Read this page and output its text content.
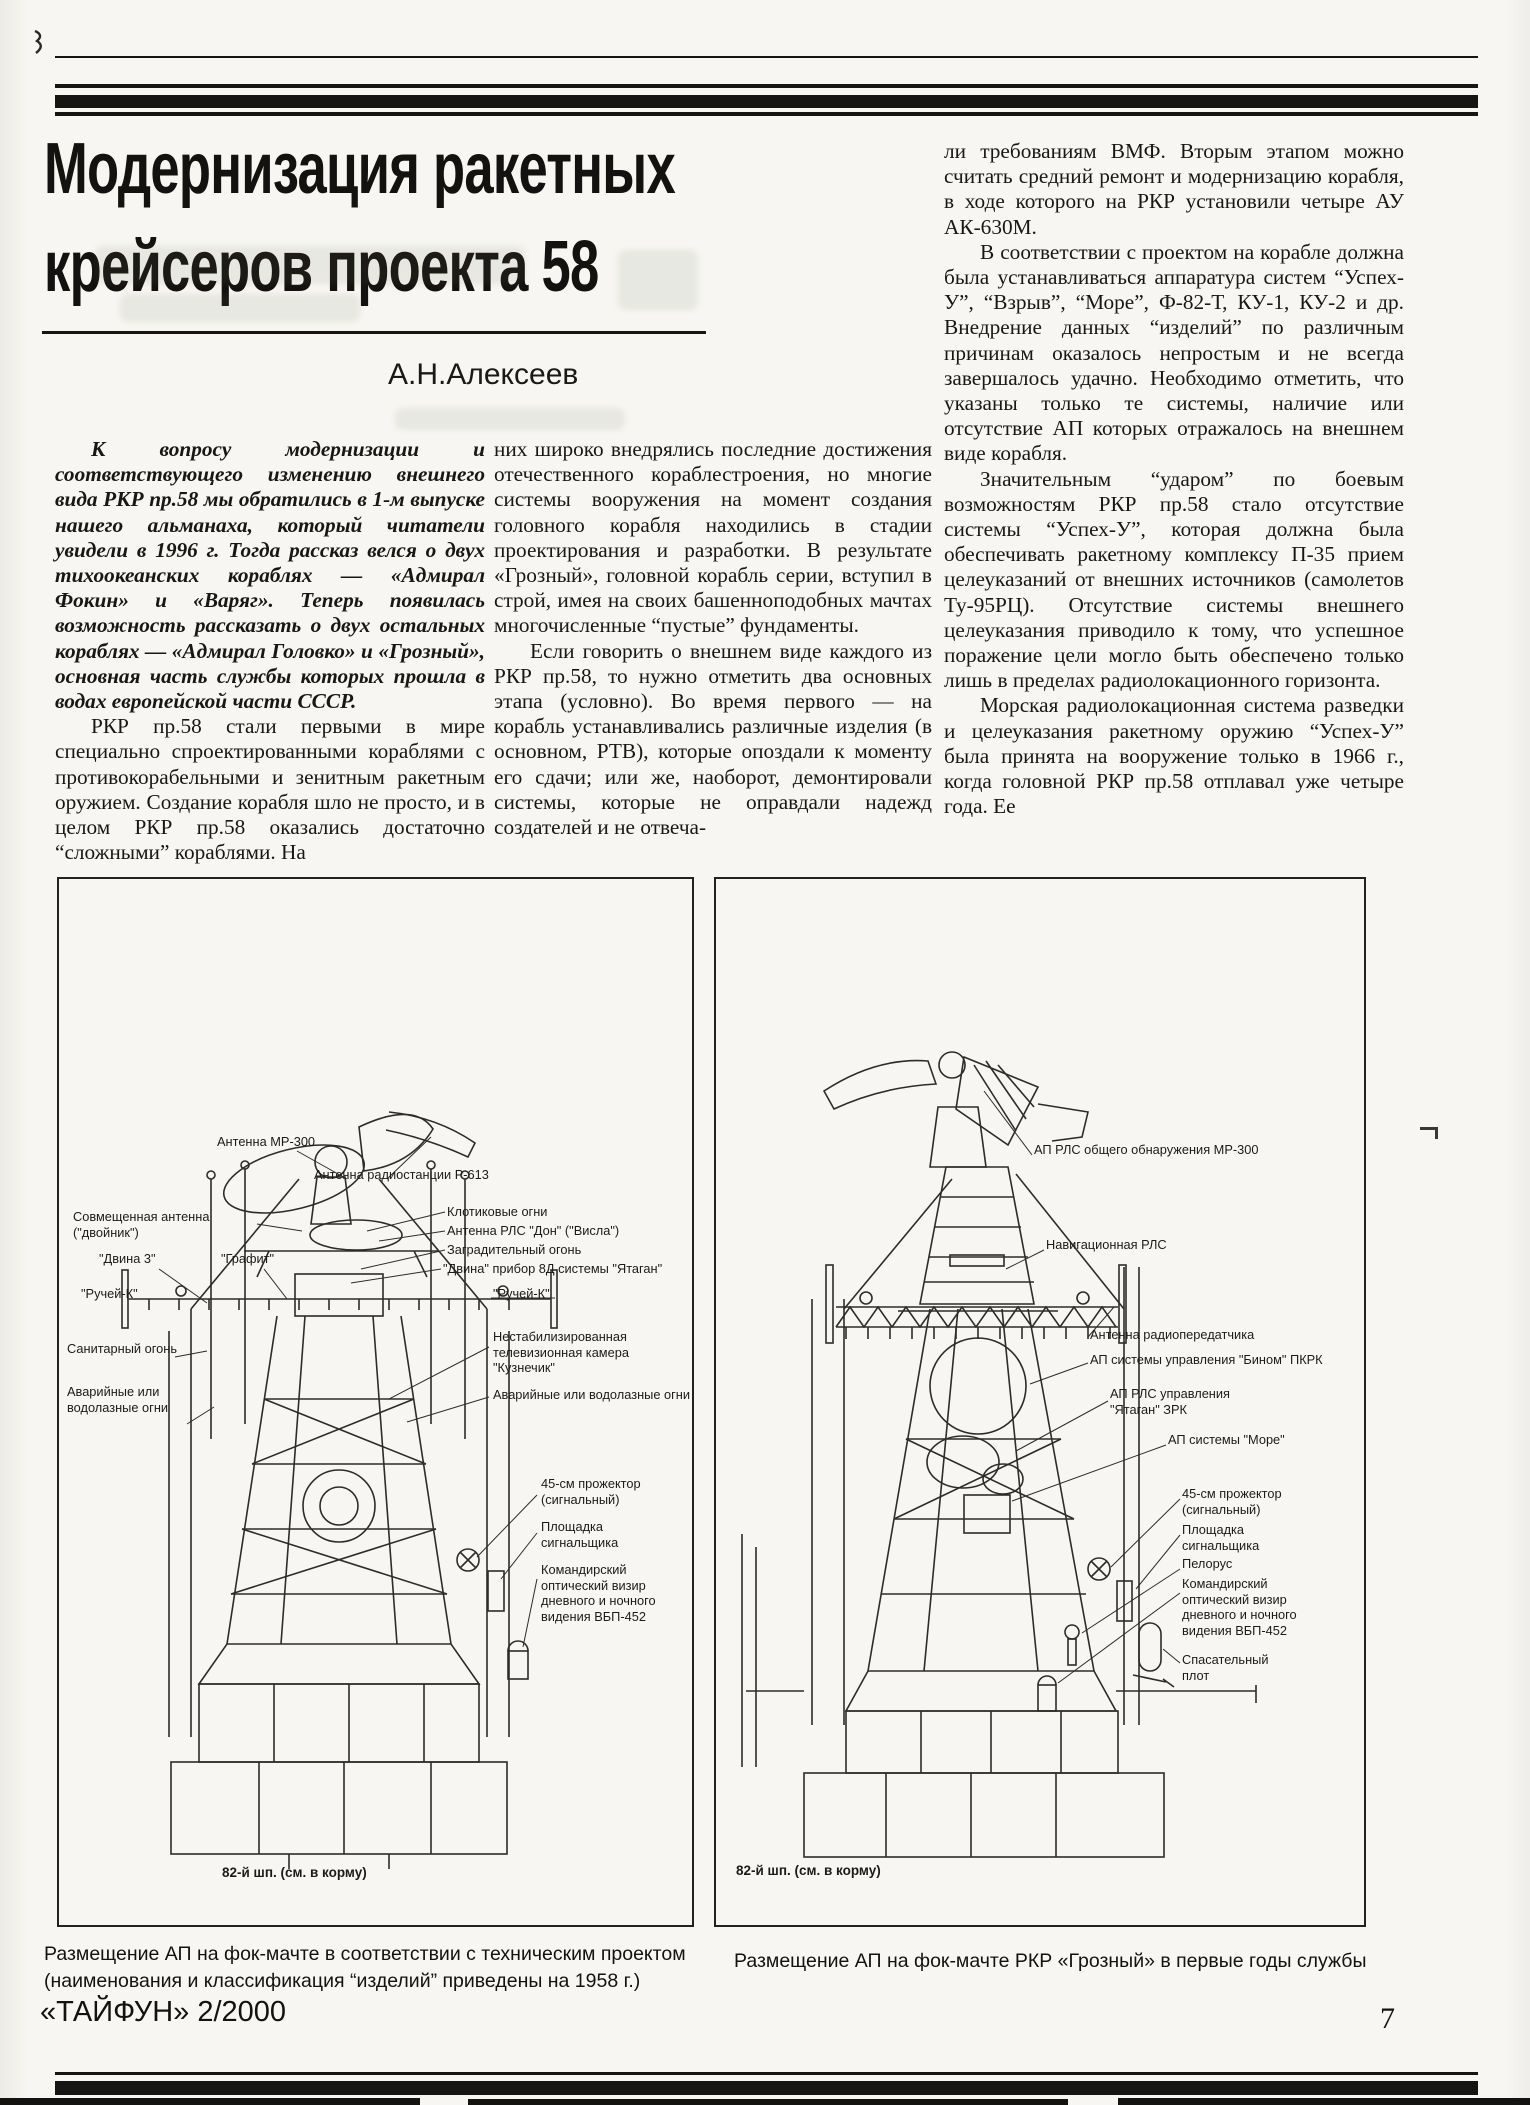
Модернизация ракетных
крейсеров проекта 58
А.Н.Алексеев

К вопросу модернизации и соответствующего изменению внешнего вида РКР пр.58 мы обратились в 1-м выпуске нашего альманаха, который читатели увидели в 1996 г. Тогда рассказ велся о двух тихоокеанских кораблях — «Адмирал Фокин» и «Варяг». Теперь появилась возможность рассказать о двух остальных кораблях — «Адмирал Головко» и «Грозный», основная часть службы которых прошла в водах европейской части СССР.

РКР пр.58 стали первыми в мире специально спроектированными кораблями с противокорабельными и зенитным ракетным оружием. Создание корабля шло не просто, и в целом РКР пр.58 оказались достаточно “сложными” кораблями. На

них широко внедрялись последние достижения отечественного кораблестроения, но многие системы вооружения на момент создания головного корабля находились в стадии проектирования и разработки. В результате «Грозный», головной корабль серии, вступил в строй, имея на своих башенноподобных мачтах многочисленные “пустые” фундаменты.

Если говорить о внешнем виде каждого из РКР пр.58, то нужно отметить два основных этапа (условно). Во время первого — на корабль устанавливались различные изделия (в основном, РТВ), которые опоздали к моменту его сдачи; или же, наоборот, демонтировали системы, которые не оправдали надежд создателей и не отвеча-

ли требованиям ВМФ. Вторым этапом можно считать средний ремонт и модернизацию корабля, в ходе которого на РКР установили четыре АУ АК-630М.

В соответствии с проектом на корабле должна была устанавливаться аппаратура систем “Успех-У”, “Взрыв”, “Море”, Ф-82-Т, КУ-1, КУ-2 и др. Внедрение данных “изделий” по различным причинам оказалось непростым и не всегда завершалось удачно. Необходимо отметить, что указаны только те системы, наличие или отсутствие АП которых отражалось на внешнем виде корабля.

Значительным “ударом” по боевым возможностям РКР пр.58 стало отсутствие системы “Успех-У”, которая должна была обеспечивать ракетному комплексу П-35 прием целеуказаний от внешних источников (самолетов Ту-95РЦ). Отсутствие системы внешнего целеуказания приводило к тому, что успешное поражение цели могло быть обеспечено только лишь в пределах радиолокационного горизонта.

Морская радиолокационная система разведки и целеуказания ракетному оружию “Успех-У” была принята на вооружение только в 1966 г., когда головной РКР пр.58 отплавал уже четыре года. Ее

Антенна МР-300
Антенна радиостанции Р-613
Совмещенная антенна ("двойник")
"Двина 3"	"Графит"
Клотиковые огни
Антенна РЛС "Дон" ("Висла")
Заградительный огонь
"Двина" прибор 8Д системы "Ятаган"
"Ручей-К"	"Ручей-К"
Санитарный огонь
Аварийные или водолазные огни
Нестабилизированная телевизионная камера "Кузнечик"
Аварийные или водолазные огни
45-см прожектор (сигнальный)
Площадка сигнальщика
Командирский оптический визир дневного и ночного видения ВБП-452
82-й шп. (см. в корму)
АП РЛС общего обнаружения МР-300
Навигационная РЛС
Антенна радиопередатчика
АП системы управления "Бином" ПКРК
АП РЛС управления "Ятаган" ЗРК
АП системы "Море"
45-см прожектор (сигнальный)
Площадка сигнальщика
Пелорус
Командирский оптический визир дневного и ночного видения ВБП-452
Спасательный плот
82-й шп. (см. в корму)
Размещение АП на фок-мачте в соответствии с техническим проектом (наименования и классификация “изделий” приведены на 1958 г.)
Размещение АП на фок-мачте РКР «Грозный» в первые годы службы
«ТАЙФУН» 2/2000	7
